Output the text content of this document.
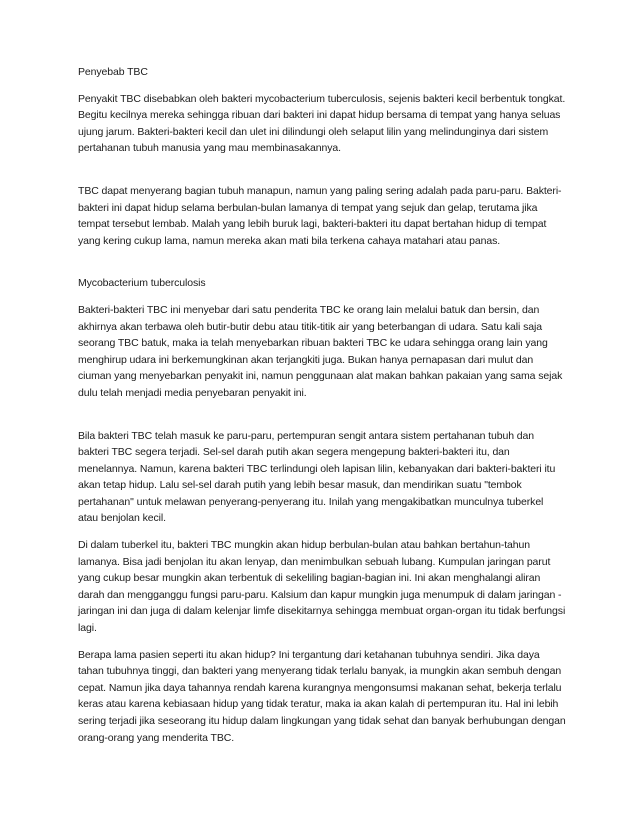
Penyebab TBC
Penyakit TBC disebabkan oleh bakteri mycobacterium tuberculosis, sejenis bakteri kecil berbentuk tongkat. Begitu kecilnya mereka sehingga ribuan dari bakteri ini dapat hidup bersama di tempat yang hanya seluas ujung jarum. Bakteri-bakteri kecil dan ulet ini dilindungi oleh selaput lilin yang melindunginya dari sistem pertahanan tubuh manusia yang mau membinasakannya.
TBC dapat menyerang bagian tubuh manapun, namun yang paling sering adalah pada paru-paru. Bakteri-bakteri ini dapat hidup selama berbulan-bulan lamanya di tempat yang sejuk dan gelap, terutama jika tempat tersebut lembab. Malah yang lebih buruk lagi, bakteri-bakteri itu dapat bertahan hidup di tempat yang kering cukup lama, namun mereka akan mati bila terkena cahaya matahari atau panas.
Mycobacterium tuberculosis
Bakteri-bakteri TBC ini menyebar dari satu penderita TBC ke orang lain melalui batuk dan bersin, dan akhirnya akan terbawa oleh butir-butir debu atau titik-titik air yang beterbangan di udara. Satu kali saja seorang TBC batuk, maka ia telah menyebarkan ribuan bakteri TBC ke udara sehingga orang lain yang menghirup udara ini berkemungkinan akan terjangkiti juga. Bukan hanya pernapasan dari mulut dan ciuman yang menyebarkan penyakit ini, namun penggunaan alat makan bahkan pakaian yang sama sejak dulu telah menjadi media penyebaran penyakit ini.
Bila bakteri TBC telah masuk ke paru-paru, pertempuran sengit antara sistem pertahanan tubuh dan bakteri TBC segera terjadi. Sel-sel darah putih akan segera mengepung bakteri-bakteri itu, dan menelannya. Namun, karena bakteri TBC terlindungi oleh lapisan lilin, kebanyakan dari bakteri-bakteri itu akan tetap hidup. Lalu sel-sel darah putih yang lebih besar masuk, dan mendirikan suatu "tembok pertahanan" untuk melawan penyerang-penyerang itu. Inilah yang mengakibatkan munculnya tuberkel atau benjolan kecil.
Di dalam tuberkel itu, bakteri TBC mungkin akan hidup berbulan-bulan atau bahkan bertahun-tahun lamanya. Bisa jadi benjolan itu akan lenyap, dan menimbulkan sebuah lubang. Kumpulan jaringan parut yang cukup besar mungkin akan terbentuk di sekeliling bagian-bagian ini. Ini akan menghalangi aliran darah dan mengganggu fungsi paru-paru. Kalsium dan kapur mungkin juga menumpuk di dalam jaringan -jaringan ini dan juga di dalam kelenjar limfe disekitarnya sehingga membuat organ-organ itu tidak berfungsi lagi.
Berapa lama pasien seperti itu akan hidup? Ini tergantung dari ketahanan tubuhnya sendiri. Jika daya tahan tubuhnya tinggi, dan bakteri yang menyerang tidak terlalu banyak, ia mungkin akan sembuh dengan cepat. Namun jika daya tahannya rendah karena kurangnya mengonsumsi makanan sehat, bekerja terlalu keras atau karena kebiasaan hidup yang tidak teratur, maka ia akan kalah di pertempuran itu. Hal ini lebih sering terjadi jika seseorang itu hidup dalam lingkungan yang tidak sehat dan banyak berhubungan dengan orang-orang yang menderita TBC.
